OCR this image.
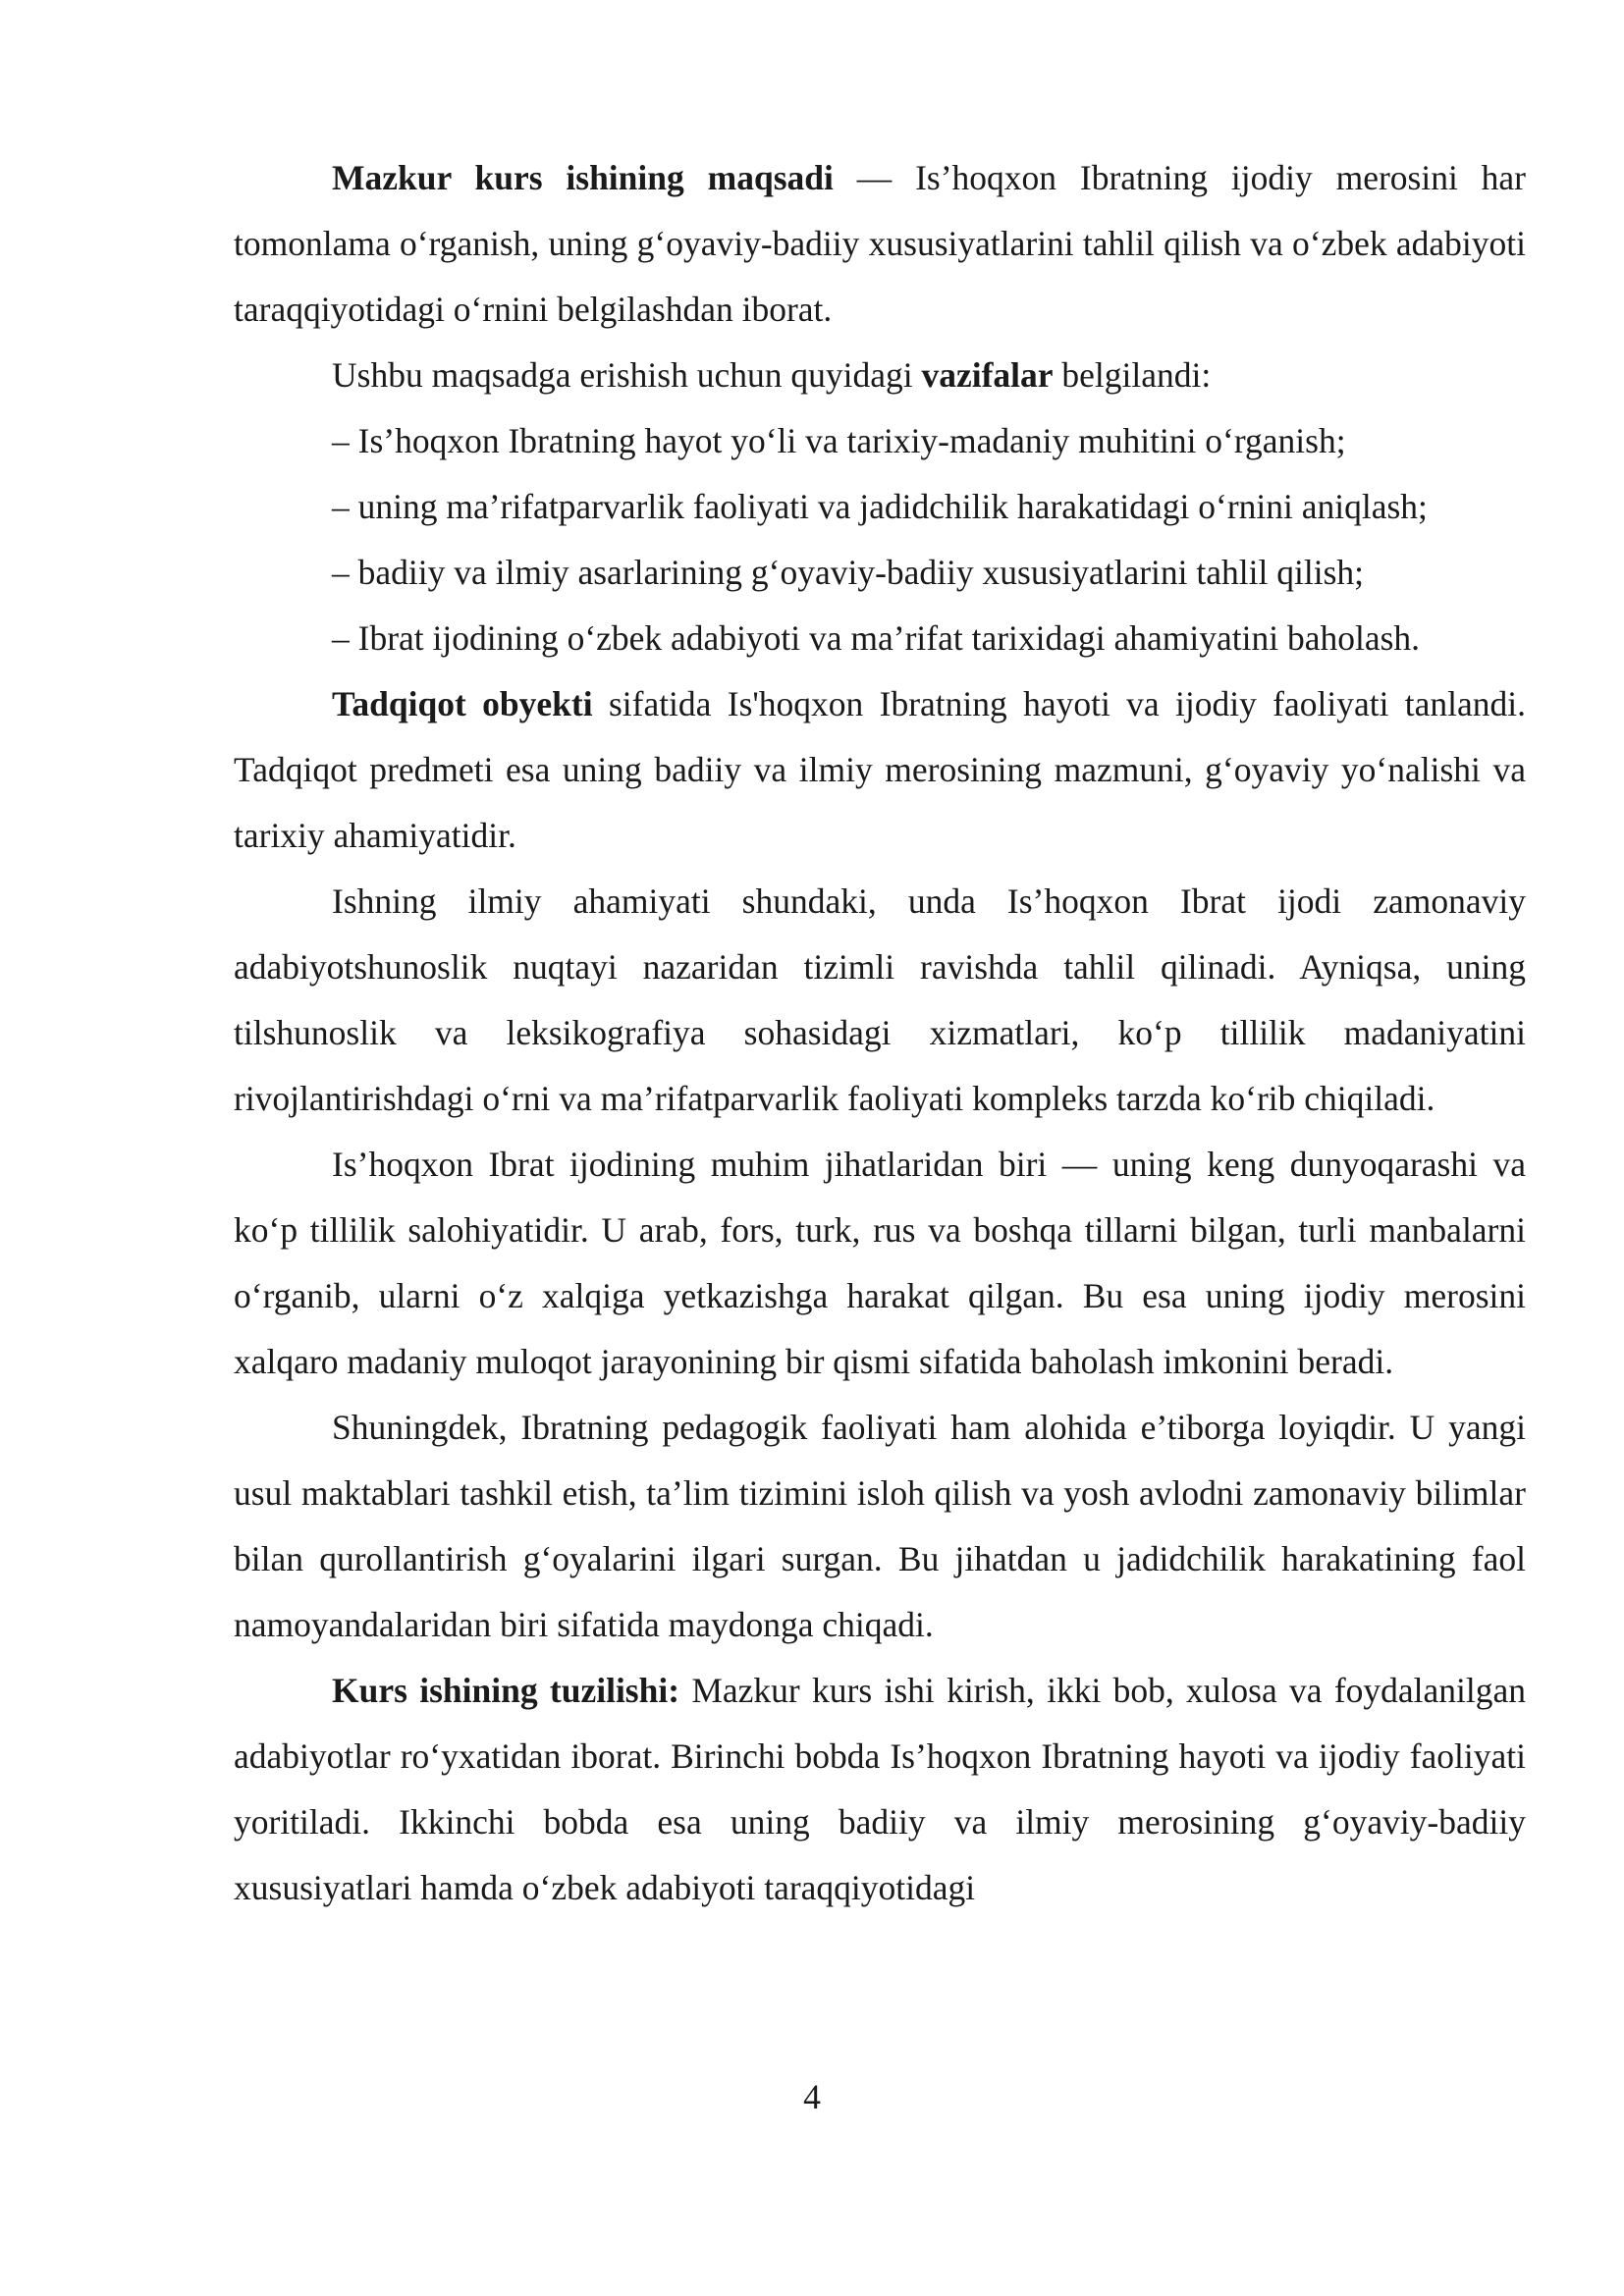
Mazkur kurs ishining maqsadi — Is’hoqxon Ibratning ijodiy merosini har tomonlama o‘rganish, uning g‘oyaviy-badiiy xususiyatlarini tahlil qilish va o‘zbek adabiyoti taraqqiyotidagi o‘rnini belgilashdan iborat.

Ushbu maqsadga erishish uchun quyidagi vazifalar belgilandi:

– Is’hoqxon Ibratning hayot yo‘li va tarixiy-madaniy muhitini o‘rganish;

– uning ma’rifatparvarlik faoliyati va jadidchilik harakatidagi o‘rnini aniqlash;

– badiiy va ilmiy asarlarining g‘oyaviy-badiiy xususiyatlarini tahlil qilish;

– Ibrat ijodining o‘zbek adabiyoti va ma’rifat tarixidagi ahamiyatini baholash.

Tadqiqot obyekti sifatida Is'hoqxon Ibratning hayoti va ijodiy faoliyati tanlandi. Tadqiqot predmeti esa uning badiiy va ilmiy merosining mazmuni, g‘oyaviy yo‘nalishi va tarixiy ahamiyatidir.

Ishning ilmiy ahamiyati shundaki, unda Is’hoqxon Ibrat ijodi zamonaviy adabiyotshunoslik nuqtayi nazaridan tizimli ravishda tahlil qilinadi. Ayniqsa, uning tilshunoslik va leksikografiya sohasidagi xizmatlari, ko‘p tillilik madaniyatini rivojlantirishdagi o‘rni va ma’rifatparvarlik faoliyati kompleks tarzda ko‘rib chiqiladi.

Is’hoqxon Ibrat ijodining muhim jihatlaridan biri — uning keng dunyoqarashi va ko‘p tillilik salohiyatidir. U arab, fors, turk, rus va boshqa tillarni bilgan, turli manbalarni o‘rganib, ularni o‘z xalqiga yetkazishga harakat qilgan. Bu esa uning ijodiy merosini xalqaro madaniy muloqot jarayonining bir qismi sifatida baholash imkonini beradi.

Shuningdek, Ibratning pedagogik faoliyati ham alohida e’tiborga loyiqdir. U yangi usul maktablari tashkil etish, ta’lim tizimini isloh qilish va yosh avlodni zamonaviy bilimlar bilan qurollantirish g‘oyalarini ilgari surgan. Bu jihatdan u jadidchilik harakatining faol namoyandalaridan biri sifatida maydonga chiqadi.

Kurs ishining tuzilishi: Mazkur kurs ishi kirish, ikki bob, xulosa va foydalanilgan adabiyotlar ro‘yxatidan iborat. Birinchi bobda Is’hoqxon Ibratning hayoti va ijodiy faoliyati yoritiladi. Ikkinchi bobda esa uning badiiy va ilmiy merosining g‘oyaviy-badiiy xususiyatlari hamda o‘zbek adabiyoti taraqqiyotidagi

4
